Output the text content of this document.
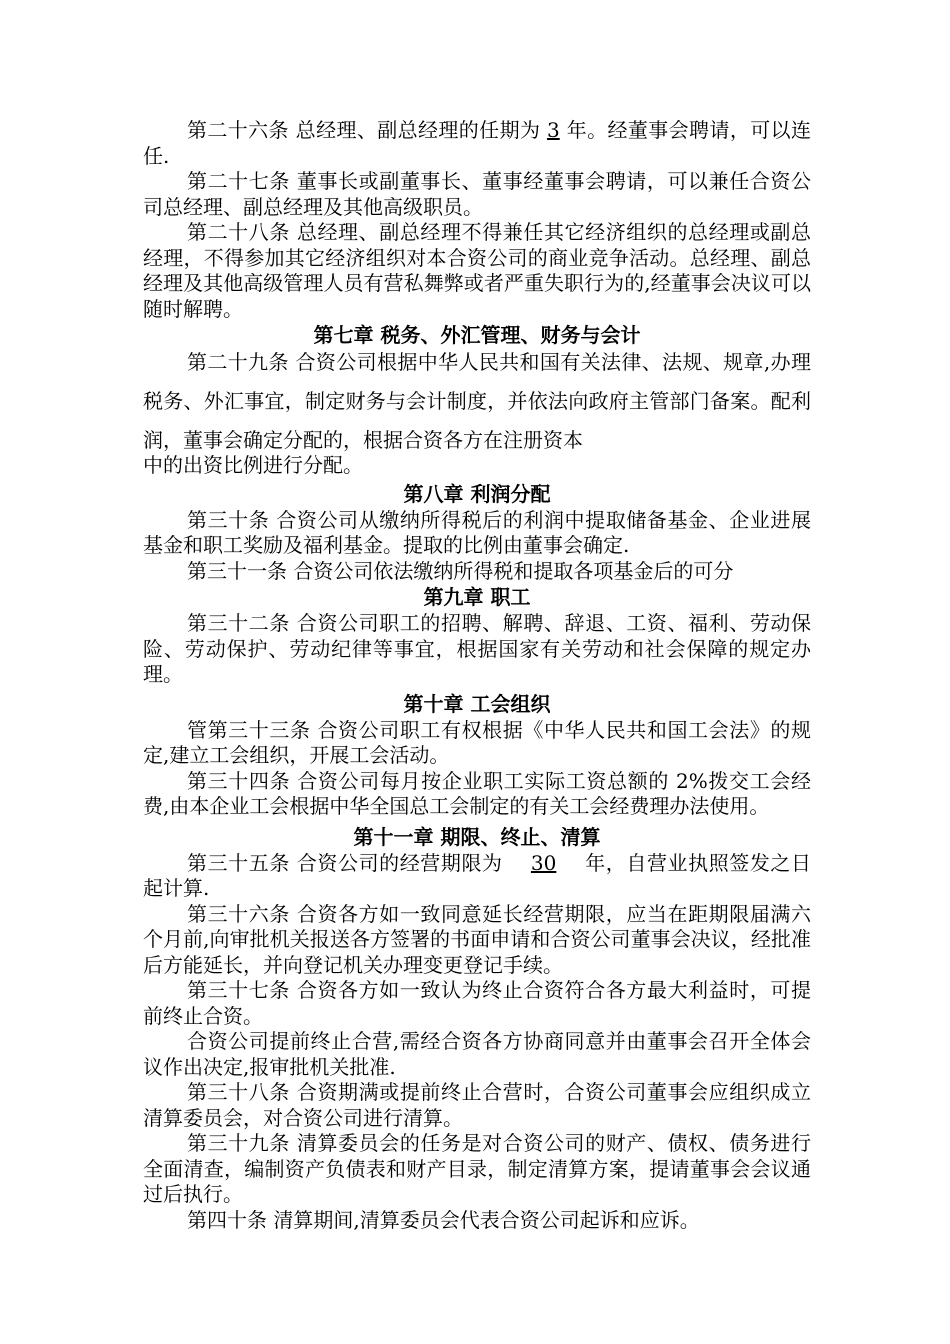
第二十六条 总经理、副总经理的任期为 3 年。经董事会聘请，可以连任.

第二十七条 董事长或副董事长、董事经董事会聘请，可以兼任合资公司总经理、副总经理及其他高级职员。

第二十八条 总经理、副总经理不得兼任其它经济组织的总经理或副总经理，不得参加其它经济组织对本合资公司的商业竞争活动。总经理、副总经理及其他高级管理人员有营私舞弊或者严重失职行为的,经董事会决议可以随时解聘。

第七章 税务、外汇管理、财务与会计

第二十九条 合资公司根据中华人民共和国有关法律、法规、规章,办理税务、外汇事宜，制定财务与会计制度，并依法向政府主管部门备案。配利润，董事会确定分配的，根据合资各方在注册资本

中的出资比例进行分配。

第八章 利润分配

第三十条 合资公司从缴纳所得税后的利润中提取储备基金、企业进展基金和职工奖励及福利基金。提取的比例由董事会确定.

第三十一条 合资公司依法缴纳所得税和提取各项基金后的可分

第九章 职工

第三十二条 合资公司职工的招聘、解聘、辞退、工资、福利、劳动保险、劳动保护、劳动纪律等事宜，根据国家有关劳动和社会保障的规定办理。

第十章 工会组织

管第三十三条 合资公司职工有权根据《中华人民共和国工会法》的规定,建立工会组织，开展工会活动。

第三十四条 合资公司每月按企业职工实际工资总额的 2%拨交工会经费,由本企业工会根据中华全国总工会制定的有关工会经费理办法使用。

第十一章 期限、终止、清算

第三十五条 合资公司的经营期限为 30 年，自营业执照签发之日起计算.

第三十六条 合资各方如一致同意延长经营期限，应当在距期限届满六个月前,向审批机关报送各方签署的书面申请和合资公司董事会决议，经批准后方能延长，并向登记机关办理变更登记手续。

第三十七条 合资各方如一致认为终止合资符合各方最大利益时，可提前终止合资。

合资公司提前终止合营,需经合资各方协商同意并由董事会召开全体会议作出决定,报审批机关批准.

第三十八条 合资期满或提前终止合营时，合资公司董事会应组织成立清算委员会，对合资公司进行清算。

第三十九条 清算委员会的任务是对合资公司的财产、债权、债务进行全面清查，编制资产负债表和财产目录，制定清算方案，提请董事会会议通过后执行。

第四十条 清算期间,清算委员会代表合资公司起诉和应诉。
